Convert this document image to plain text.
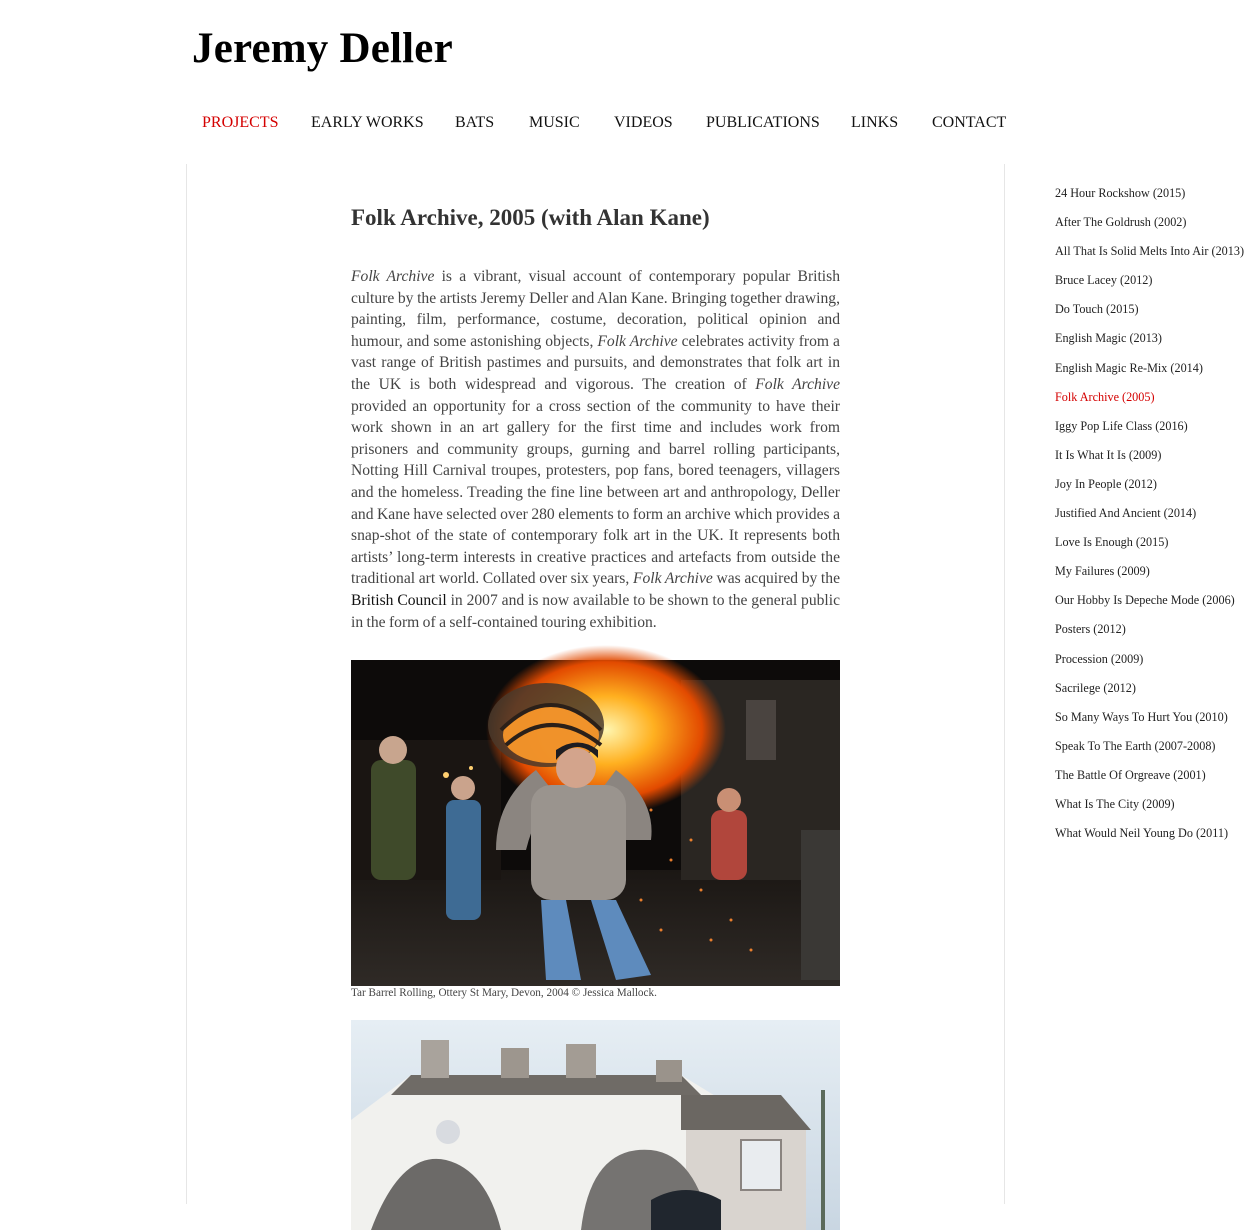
Jeremy Deller
PROJECTS EARLY WORKS BATS MUSIC VIDEOS PUBLICATIONS LINKS CONTACT
Folk Archive, 2005 (with Alan Kane)

Folk Archive is a vibrant, visual account of contemporary popular British culture by the artists Jeremy Deller and Alan Kane. Bringing together drawing, painting, film, performance, costume, decoration, political opinion and humour, and some astonishing objects, Folk Archive celebrates activity from a vast range of British pastimes and pursuits, and demonstrates that folk art in the UK is both widespread and vigorous. The creation of Folk Archive provided an opportunity for a cross section of the community to have their work shown in an art gallery for the first time and includes work from prisoners and community groups, gurning and barrel rolling participants, Notting Hill Carnival troupes, protesters, pop fans, bored teenagers, villagers and the homeless. Treading the fine line between art and anthropology, Deller and Kane have selected over 280 elements to form an archive which provides a snap-shot of the state of contemporary folk art in the UK. It represents both artists’ long-term interests in creative practices and artefacts from outside the traditional art world. Collated over six years, Folk Archive was acquired by the British Council in 2007 and is now available to be shown to the general public in the form of a self-contained touring exhibition.

Tar Barrel Rolling, Ottery St Mary, Devon, 2004 © Jessica Mallock.
24 Hour Rockshow (2015)
After The Goldrush (2002)
All That Is Solid Melts Into Air (2013)
Bruce Lacey (2012)
Do Touch (2015)
English Magic (2013)
English Magic Re-Mix (2014)
Folk Archive (2005)
Iggy Pop Life Class (2016)
It Is What It Is (2009)
Joy In People (2012)
Justified And Ancient (2014)
Love Is Enough (2015)
My Failures (2009)
Our Hobby Is Depeche Mode (2006)
Posters (2012)
Procession (2009)
Sacrilege (2012)
So Many Ways To Hurt You (2010)
Speak To The Earth (2007-2008)
The Battle Of Orgreave (2001)
What Is The City (2009)
What Would Neil Young Do (2011)
